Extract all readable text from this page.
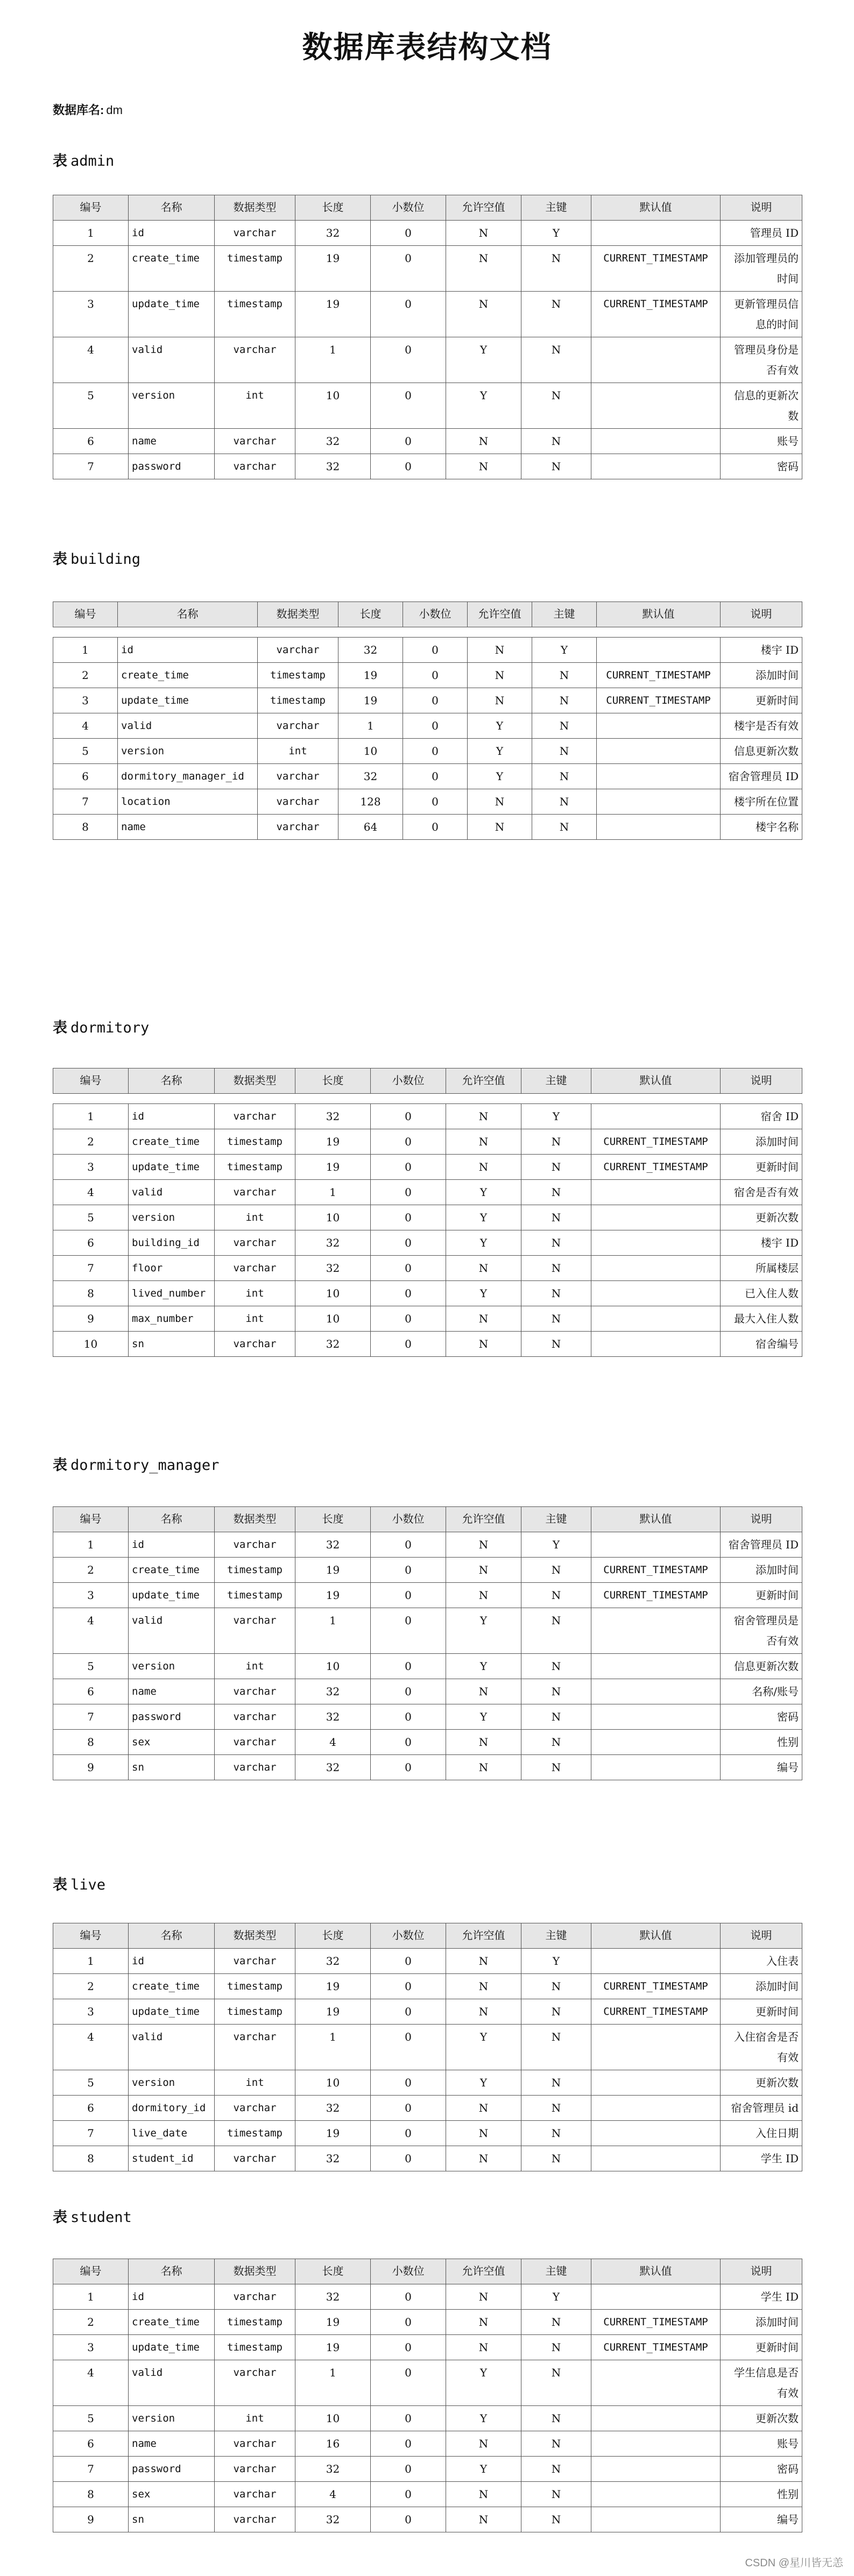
数据库表结构文档
数据库名: dm
表 admin
编号	名称	数据类型	长度	小数位	允许空值	主键	默认值	说明
1	id	varchar	32	0	N	Y		管理员 ID
2	create_time	timestamp	19	0	N	N	CURRENT_TIMESTAMP	添加管理员的时间
3	update_time	timestamp	19	0	N	N	CURRENT_TIMESTAMP	更新管理员信息的时间
4	valid	varchar	1	0	Y	N		管理员身份是否有效
5	version	int	10	0	Y	N		信息的更新次数
6	name	varchar	32	0	N	N		账号
7	password	varchar	32	0	N	N		密码
表 building
编号	名称	数据类型	长度	小数位	允许空值	主键	默认值	说明

1	id	varchar	32	0	N	Y		楼宇 ID
2	create_time	timestamp	19	0	N	N	CURRENT_TIMESTAMP	添加时间
3	update_time	timestamp	19	0	N	N	CURRENT_TIMESTAMP	更新时间
4	valid	varchar	1	0	Y	N		楼宇是否有效
5	version	int	10	0	Y	N		信息更新次数
6	dormitory_manager_id	varchar	32	0	Y	N		宿舍管理员 ID
7	location	varchar	128	0	N	N		楼宇所在位置
8	name	varchar	64	0	N	N		楼宇名称
表 dormitory
编号	名称	数据类型	长度	小数位	允许空值	主键	默认值	说明

1	id	varchar	32	0	N	Y		宿舍 ID
2	create_time	timestamp	19	0	N	N	CURRENT_TIMESTAMP	添加时间
3	update_time	timestamp	19	0	N	N	CURRENT_TIMESTAMP	更新时间
4	valid	varchar	1	0	Y	N		宿舍是否有效
5	version	int	10	0	Y	N		更新次数
6	building_id	varchar	32	0	Y	N		楼宇 ID
7	floor	varchar	32	0	N	N		所属楼层
8	lived_number	int	10	0	Y	N		已入住人数
9	max_number	int	10	0	N	N		最大入住人数
10	sn	varchar	32	0	N	N		宿舍编号
表 dormitory_manager
编号	名称	数据类型	长度	小数位	允许空值	主键	默认值	说明
1	id	varchar	32	0	N	Y		宿舍管理员 ID
2	create_time	timestamp	19	0	N	N	CURRENT_TIMESTAMP	添加时间
3	update_time	timestamp	19	0	N	N	CURRENT_TIMESTAMP	更新时间
4	valid	varchar	1	0	Y	N		宿舍管理员是否有效
5	version	int	10	0	Y	N		信息更新次数
6	name	varchar	32	0	N	N		名称/账号
7	password	varchar	32	0	Y	N		密码
8	sex	varchar	4	0	N	N		性别
9	sn	varchar	32	0	N	N		编号
表 live
编号	名称	数据类型	长度	小数位	允许空值	主键	默认值	说明
1	id	varchar	32	0	N	Y		入住表
2	create_time	timestamp	19	0	N	N	CURRENT_TIMESTAMP	添加时间
3	update_time	timestamp	19	0	N	N	CURRENT_TIMESTAMP	更新时间
4	valid	varchar	1	0	Y	N		入住宿舍是否有效
5	version	int	10	0	Y	N		更新次数
6	dormitory_id	varchar	32	0	N	N		宿舍管理员 id
7	live_date	timestamp	19	0	N	N		入住日期
8	student_id	varchar	32	0	N	N		学生 ID
表 student
编号	名称	数据类型	长度	小数位	允许空值	主键	默认值	说明
1	id	varchar	32	0	N	Y		学生 ID
2	create_time	timestamp	19	0	N	N	CURRENT_TIMESTAMP	添加时间
3	update_time	timestamp	19	0	N	N	CURRENT_TIMESTAMP	更新时间
4	valid	varchar	1	0	Y	N		学生信息是否有效
5	version	int	10	0	Y	N		更新次数
6	name	varchar	16	0	N	N		账号
7	password	varchar	32	0	Y	N		密码
8	sex	varchar	4	0	N	N		性别
9	sn	varchar	32	0	N	N		编号
CSDN @星川皆无恙
